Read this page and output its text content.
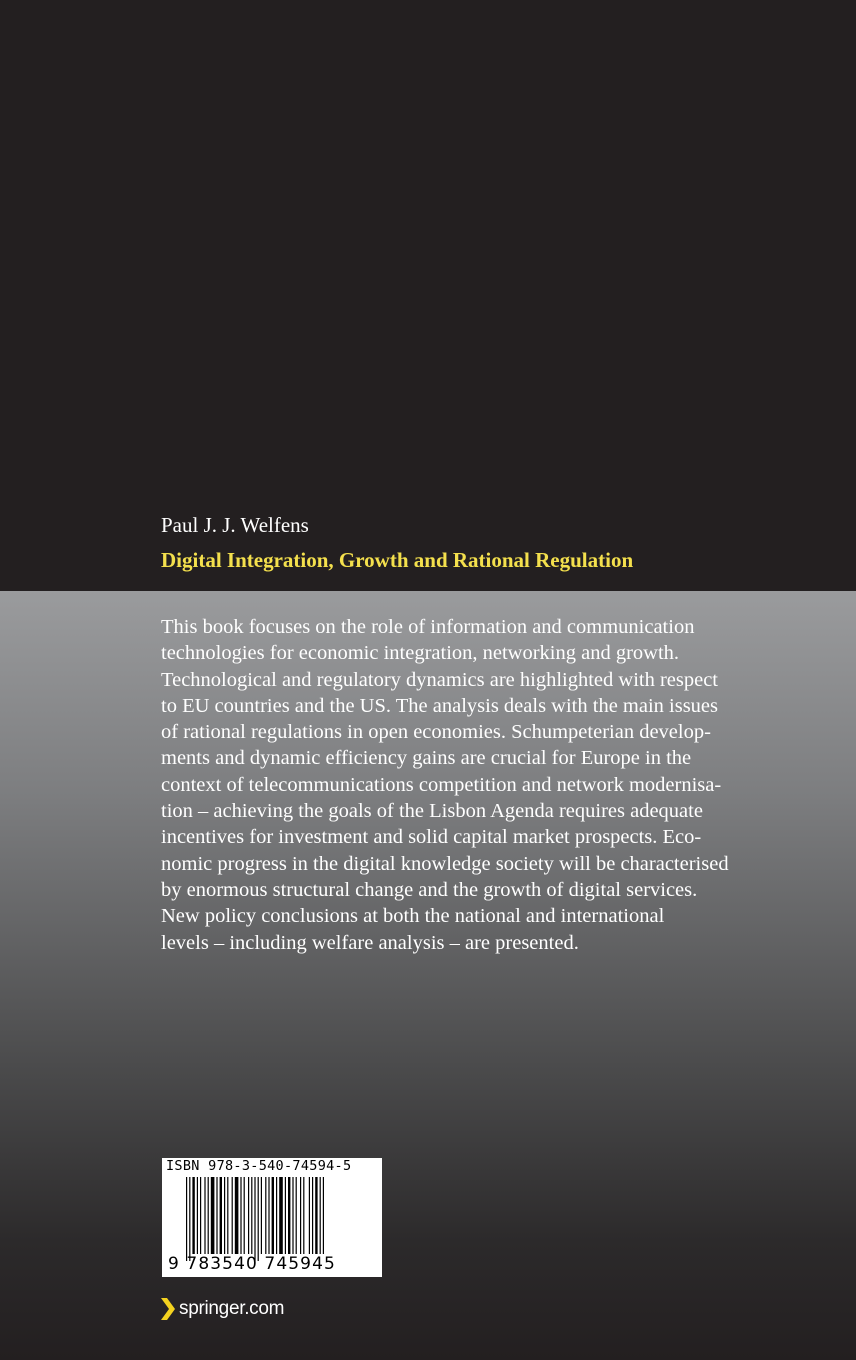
Paul J. J. Welfens
Digital Integration, Growth and Rational Regulation
This book focuses on the role of information and communication
technologies for economic integration, networking and growth.
Technological and regulatory dynamics are highlighted with respect
to EU countries and the US. The analysis deals with the main issues
of rational regulations in open economies. Schumpeterian develop-
ments and dynamic efficiency gains are crucial for Europe in the
context of telecommunications competition and network modernisa-
tion – achieving the goals of the Lisbon Agenda requires adequate
incentives for investment and solid capital market prospects. Eco-
nomic progress in the digital knowledge society will be characterised
by enormous structural change and the growth of digital services.
New policy conclusions at both the national and international
levels – including welfare analysis – are presented.
ISBN 978-3-540-74594-5
9 783540 745945
springer.com
